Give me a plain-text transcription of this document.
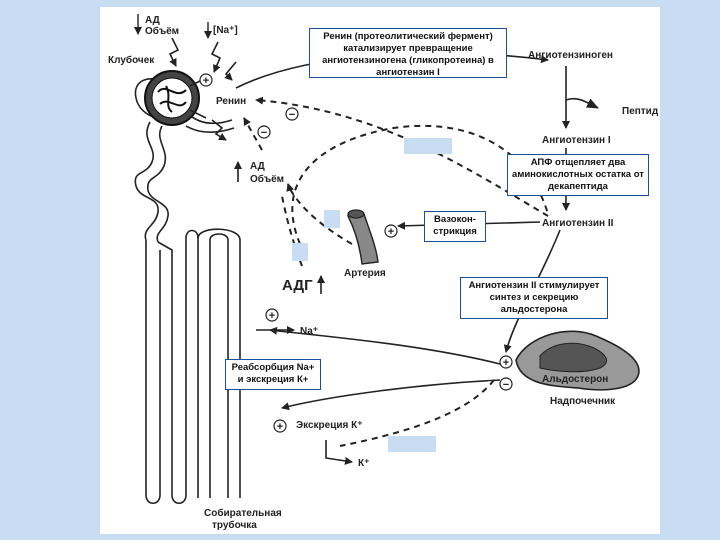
+
−
−
+
+
+
−
+
АД
Объём	[Na⁺]
Клубочек
Ренин
АД
Объём
АДГ
Артерия
Na⁺
Ангиотензиноген
Пептид
Ангиотензин I
Ангиотензин II
Альдостерон
Надпочечник
Экскреция К⁺
К⁺
Собирательная
трубочка
Ренин (протеолитический фермент) катализирует превращение ангиотензиногена (гликопротеина) в ангиотензин I
АПФ отщепляет два аминокислотных остатка от декапептида
Вазокон- стрикция
Ангиотензин II стимулирует синтез и секрецию альдостерона
Реабсорбция Na+ и экскреция К+
